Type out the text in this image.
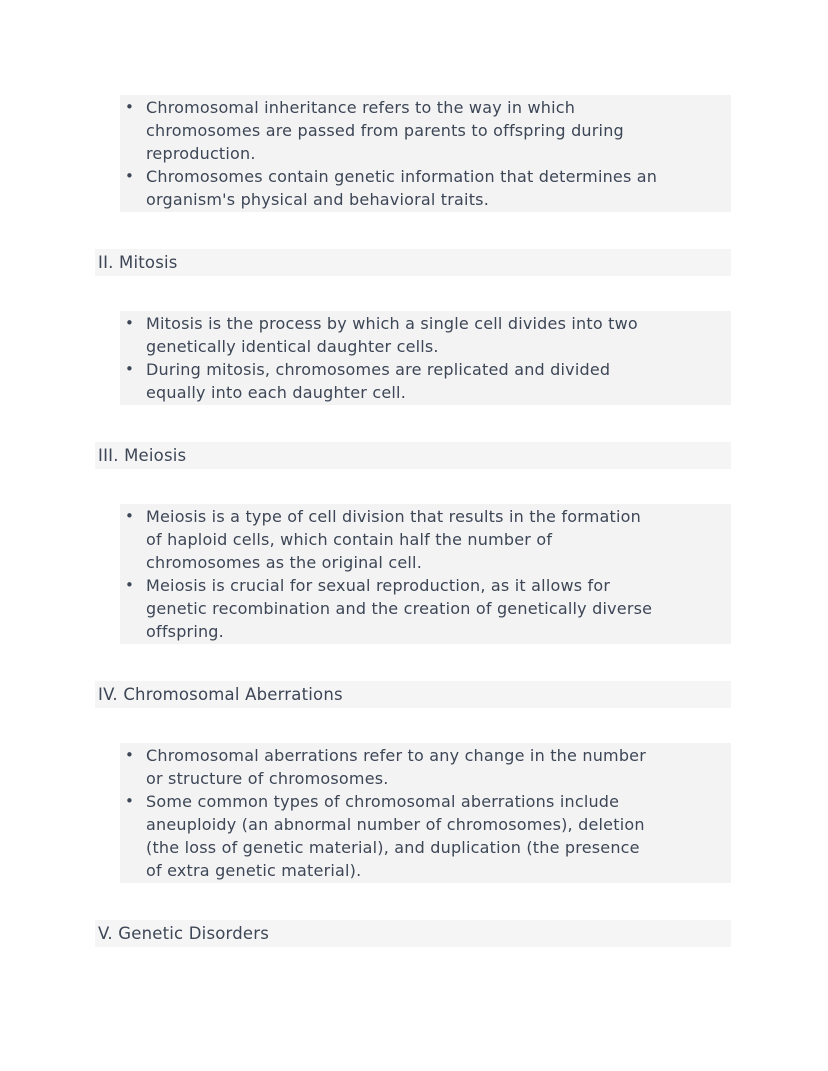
• Chromosomal inheritance refers to the way in which
chromosomes are passed from parents to offspring during
reproduction.
• Chromosomes contain genetic information that determines an
organism's physical and behavioral traits.
II. Mitosis
• Mitosis is the process by which a single cell divides into two
genetically identical daughter cells.
• During mitosis, chromosomes are replicated and divided
equally into each daughter cell.
III. Meiosis
• Meiosis is a type of cell division that results in the formation
of haploid cells, which contain half the number of
chromosomes as the original cell.
• Meiosis is crucial for sexual reproduction, as it allows for
genetic recombination and the creation of genetically diverse
offspring.
IV. Chromosomal Aberrations
• Chromosomal aberrations refer to any change in the number
or structure of chromosomes.
• Some common types of chromosomal aberrations include
aneuploidy (an abnormal number of chromosomes), deletion
(the loss of genetic material), and duplication (the presence
of extra genetic material).
V. Genetic Disorders
